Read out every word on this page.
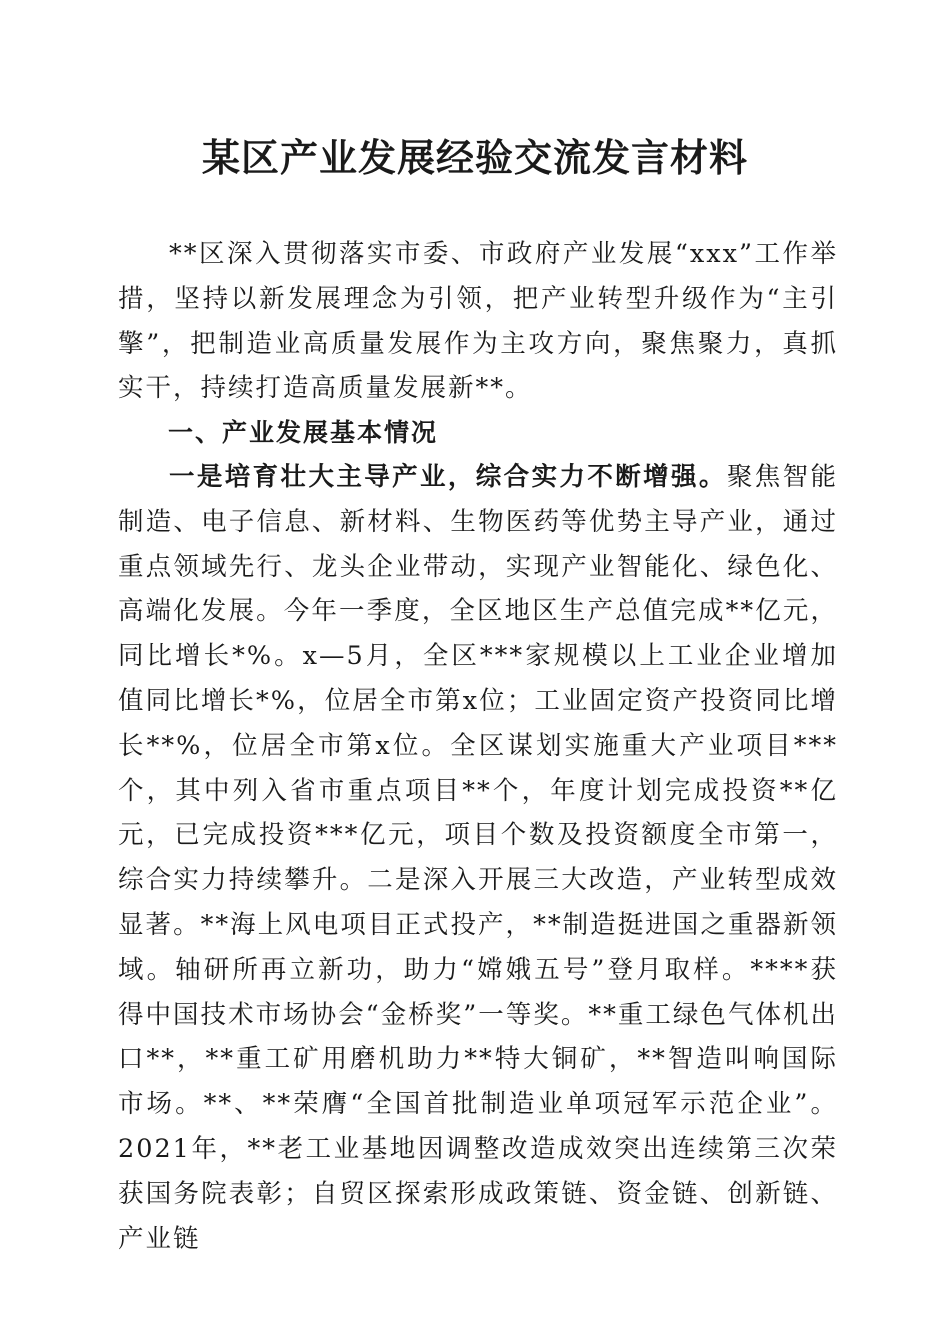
某区产业发展经验交流发言材料

**区深入贯彻落实市委、市政府产业发展“xxx”工作举措，坚持以新发展理念为引领，把产业转型升级作为“主引擎”，把制造业高质量发展作为主攻方向，聚焦聚力，真抓实干，持续打造高质量发展新**。

一、产业发展基本情况

一是培育壮大主导产业，综合实力不断增强。聚焦智能制造、电子信息、新材料、生物医药等优势主导产业，通过重点领域先行、龙头企业带动，实现产业智能化、绿色化、高端化发展。今年一季度，全区地区生产总值完成**亿元，同比增长*%。x—5月，全区***家规模以上工业企业增加值同比增长*%，位居全市第x位；工业固定资产投资同比增长**%，位居全市第x位。全区谋划实施重大产业项目***个，其中列入省市重点项目**个，年度计划完成投资**亿元，已完成投资***亿元，项目个数及投资额度全市第一，综合实力持续攀升。二是深入开展三大改造，产业转型成效显著。**海上风电项目正式投产，**制造挺进国之重器新领域。轴研所再立新功，助力“嫦娥五号”登月取样。****获得中国技术市场协会“金桥奖”一等奖。**重工绿色气体机出口**，**重工矿用磨机助力**特大铜矿，**智造叫响国际市场。**、**荣膺“全国首批制造业单项冠军示范企业”。2021年，**老工业基地因调整改造成效突出连续第三次荣获国务院表彰；自贸区探索形成政策链、资金链、创新链、产业链
